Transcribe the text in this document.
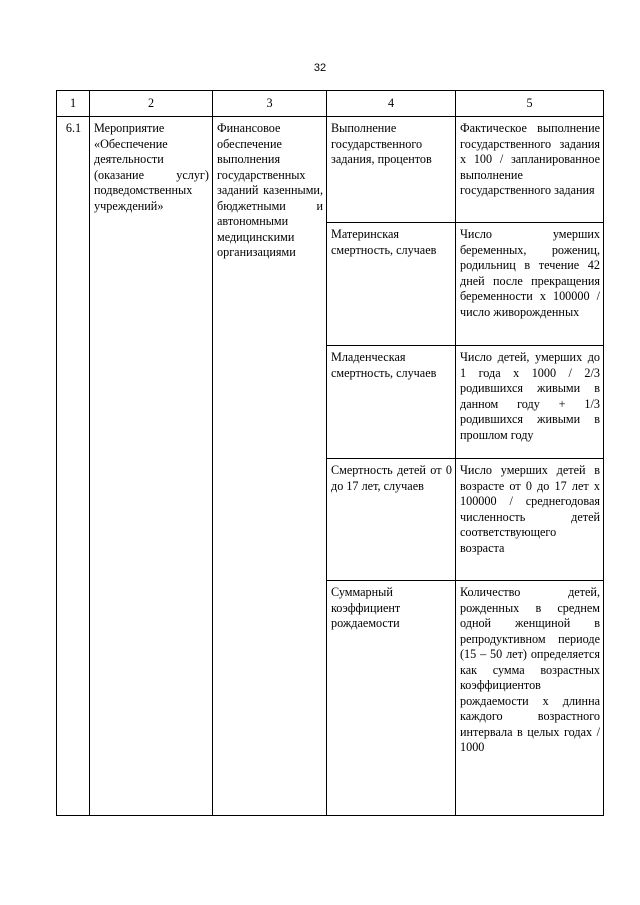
32
1	2	3	4	5
6.1	Мероприятие «Обеспечение деятельности (оказание услуг) подведомственных учреждений»	Финансовое обеспечение выполнения государственных заданий казенными, бюджетными и автономными медицинскими организациями	Выполнение государственного задания, процентов	Фактическое выполнение государственного задания x 100 / запланированное выполнение государственного задания
			Материнская смертность, случаев	Число умерших беременных, рожениц, родильниц в течение 42 дней после прекращения беременности x 100000 / число живорожденных
			Младенческая смертность, случаев	Число детей, умерших до 1 года x 1000 / 2/3 родившихся живыми в данном году + 1/3 родившихся живыми в прошлом году
			Смертность детей от 0 до 17 лет, случаев	Число умерших детей в возрасте от 0 до 17 лет x 100000 / среднегодовая численность детей соответствующего возраста
			Суммарный коэффициент рождаемости	Количество детей, рожденных в среднем одной женщиной в репродуктивном периоде (15 – 50 лет) определяется как сумма возрастных коэффициентов рождаемости x длинна каждого возрастного интервала в целых годах / 1000
